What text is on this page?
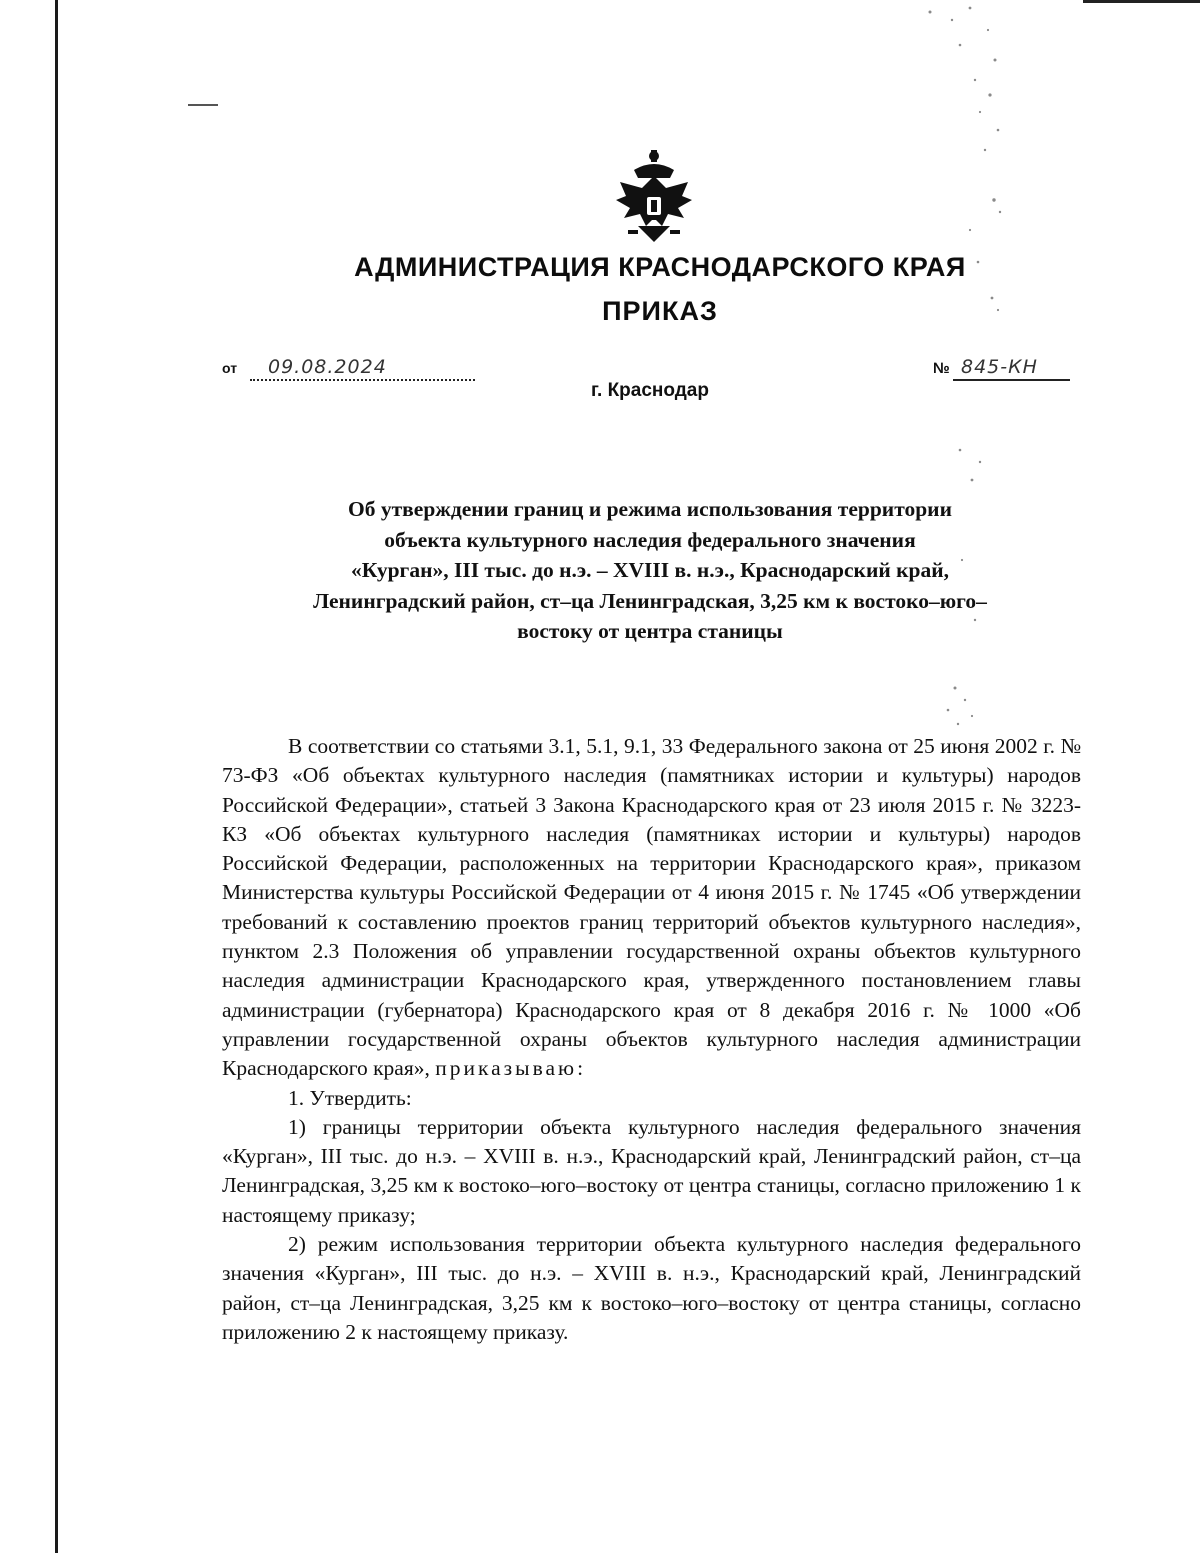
АДМИНИСТРАЦИЯ КРАСНОДАРСКОГО КРАЯ
ПРИКАЗ
от	09.08.2024
г. Краснодар
№ 845-КН
Об утверждении границ и режима использования территории
объекта культурного наследия федерального значения
«Курган», III тыс. до н.э. – XVIII в. н.э., Краснодарский край,
Ленинградский район, ст–ца Ленинградская, 3,25 км к востоко–юго–
востоку от центра станицы

В соответствии со статьями 3.1, 5.1, 9.1, 33 Федерального закона от 25 июня 2002 г. № 73-ФЗ «Об объектах культурного наследия (памятниках истории и культуры) народов Российской Федерации», статьей 3 Закона Краснодарского края от 23 июля 2015 г. № 3223-КЗ «Об объектах культурного наследия (памятниках истории и культуры) народов Российской Федерации, расположенных на территории Краснодарского края», приказом Министерства культуры Российской Федерации от 4 июня 2015 г. № 1745 «Об утверждении требований к составлению проектов границ территорий объектов культурного наследия», пунктом 2.3 Положения об управлении государственной охраны объектов культурного наследия администрации Краснодарского края, утвержденного постановлением главы администрации (губернатора) Краснодарского края от 8 декабря 2016 г. № 1000 «Об управлении государственной охраны объектов культурного наследия администрации Краснодарского края», приказываю:

1. Утвердить:

1) границы территории объекта культурного наследия федерального значения «Курган», III тыс. до н.э. – XVIII в. н.э., Краснодарский край, Ленинградский район, ст–ца Ленинградская, 3,25 км к востоко–юго–востоку от центра станицы, согласно приложению 1 к настоящему приказу;

2) режим использования территории объекта культурного наследия федерального значения «Курган», III тыс. до н.э. – XVIII в. н.э., Краснодарский край, Ленинградский район, ст–ца Ленинградская, 3,25 км к востоко–юго–востоку от центра станицы, согласно приложению 2 к настоящему приказу.
